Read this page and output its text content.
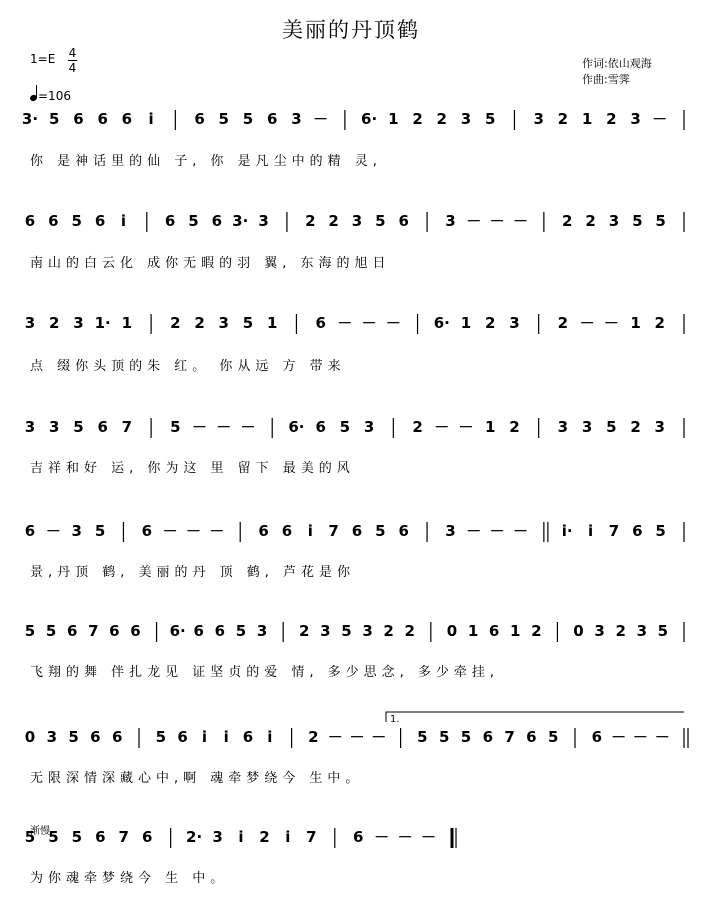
美丽的丹顶鹤
作词:依山观海
作曲:雪霁
1=E 4
4
=106
3· 5 6 6 6 i	6 5 5 6 3 － 6· 1 2 2 3 5	3 2 1 2 3 －
你 是神话里的仙 子, 你 是凡尘中的精 灵,
6 6 5 6 i	6 5 6 3· 3 2 2 3 5 6 3 － － － 2 2 3 5 5
南山的白云化 成你无暇的羽 翼, 东海的旭日
3 2 3 1· 1	2 2 3 5 1	6 － － － 6· 1 2 3	2 － － 1 2
点 缀你头顶的朱 红。 你从远 方 带来
3 3 5 6 7	5 － － － 6· 6 5 3	2 － － 1 2	3 3 5 2 3
吉祥和好 运, 你为这 里 留下 最美的风
6 － 3 5 6 － － － 6 6 i 7 6 5 6 3 － － － i· i 7 6 5
景,丹顶 鹤, 美丽的丹 顶 鹤, 芦花是你
5 5 6 7 6 6 6· 6 6 5 3 2 3 5 3 2 2 0 1 6 1 2 0 3 2 3 5
飞翔的舞 伴扎龙见 证坚贞的爱 情, 多少思念, 多少牵挂,
0 3 5 6 6 5 6 i i 6 i 2 － － － 5 5 5 6 7 6 5 6 － － －
无限深情深藏心中,啊 魂牵梦绕今 生中。
5 5 5 6 7 6 2· 3 i 2 i 7 6 － － －
为你魂牵梦绕今 生 中。
1.
渐慢
